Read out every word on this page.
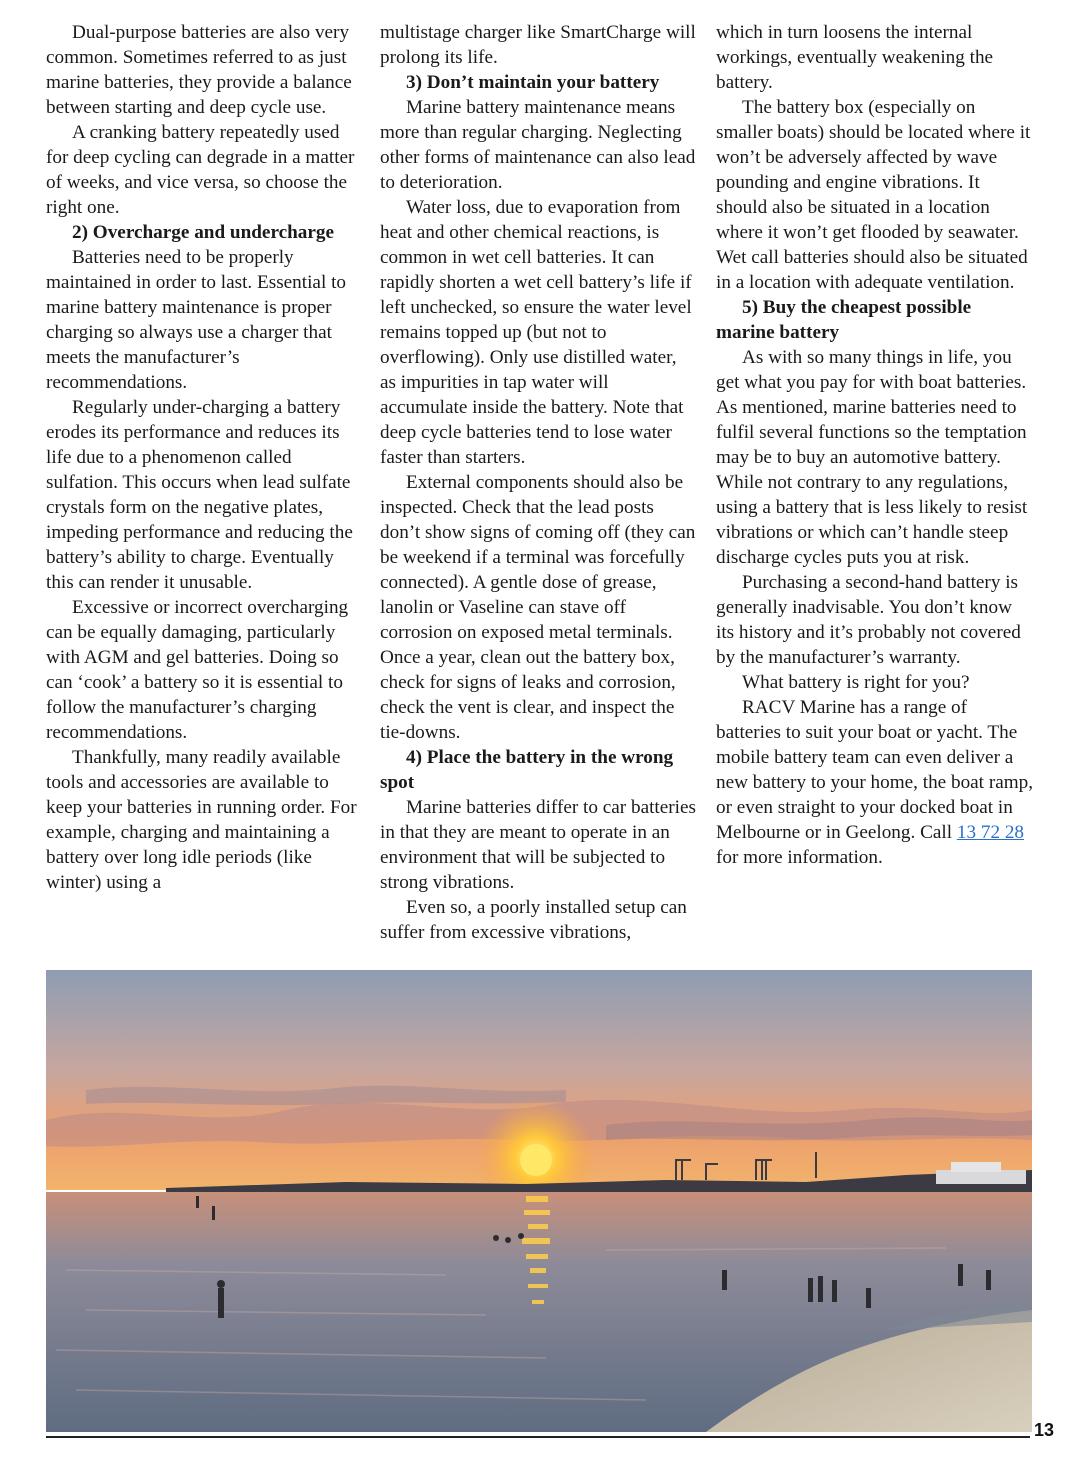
Dual-purpose batteries are also very common. Sometimes referred to as just marine batteries, they provide a balance between starting and deep cycle use.

A cranking battery repeatedly used for deep cycling can degrade in a matter of weeks, and vice versa, so choose the right one.

2) Overcharge and undercharge

Batteries need to be properly maintained in order to last. Essential to marine battery maintenance is proper charging so always use a charger that meets the manufacturer’s recommendations.

Regularly under-charging a battery erodes its performance and reduces its life due to a phenomenon called sulfation. This occurs when lead sulfate crystals form on the negative plates, impeding performance and reducing the battery’s ability to charge. Eventually this can render it unusable.

Excessive or incorrect overcharging can be equally damaging, particularly with AGM and gel batteries. Doing so can ‘cook’ a battery so it is essential to follow the manufacturer’s charging recommendations.

Thankfully, many readily available tools and accessories are available to keep your batteries in running order. For example, charging and maintaining a battery over long idle periods (like winter) using a

multistage charger like SmartCharge will prolong its life.

3) Don’t maintain your battery

Marine battery maintenance means more than regular charging. Neglecting other forms of maintenance can also lead to deterioration.

Water loss, due to evaporation from heat and other chemical reactions, is common in wet cell batteries. It can rapidly shorten a wet cell battery’s life if left unchecked, so ensure the water level remains topped up (but not to overflowing). Only use distilled water, as impurities in tap water will accumulate inside the battery. Note that deep cycle batteries tend to lose water faster than starters.

External components should also be inspected. Check that the lead posts don’t show signs of coming off (they can be weekend if a terminal was forcefully connected). A gentle dose of grease, lanolin or Vaseline can stave off corrosion on exposed metal terminals. Once a year, clean out the battery box, check for signs of leaks and corrosion, check the vent is clear, and inspect the tie-downs.

4) Place the battery in the wrong spot

Marine batteries differ to car batteries in that they are meant to operate in an environment that will be subjected to strong vibrations.

Even so, a poorly installed setup can suffer from excessive vibrations,

which in turn loosens the internal workings, eventually weakening the battery.

The battery box (especially on smaller boats) should be located where it won’t be adversely affected by wave pounding and engine vibrations. It should also be situated in a location where it won’t get flooded by seawater. Wet call batteries should also be situated in a location with adequate ventilation.

5) Buy the cheapest possible marine battery

As with so many things in life, you get what you pay for with boat batteries. As mentioned, marine batteries need to fulfil several functions so the temptation may be to buy an automotive battery. While not contrary to any regulations, using a battery that is less likely to resist vibrations or which can’t handle steep discharge cycles puts you at risk.

Purchasing a second-hand battery is generally inadvisable. You don’t know its history and it’s probably not covered by the manufacturer’s warranty.

What battery is right for you?

RACV Marine has a range of batteries to suit your boat or yacht. The mobile battery team can even deliver a new battery to your home, the boat ramp, or even straight to your docked boat in Melbourne or in Geelong. Call 13 72 28 for more information.

13
